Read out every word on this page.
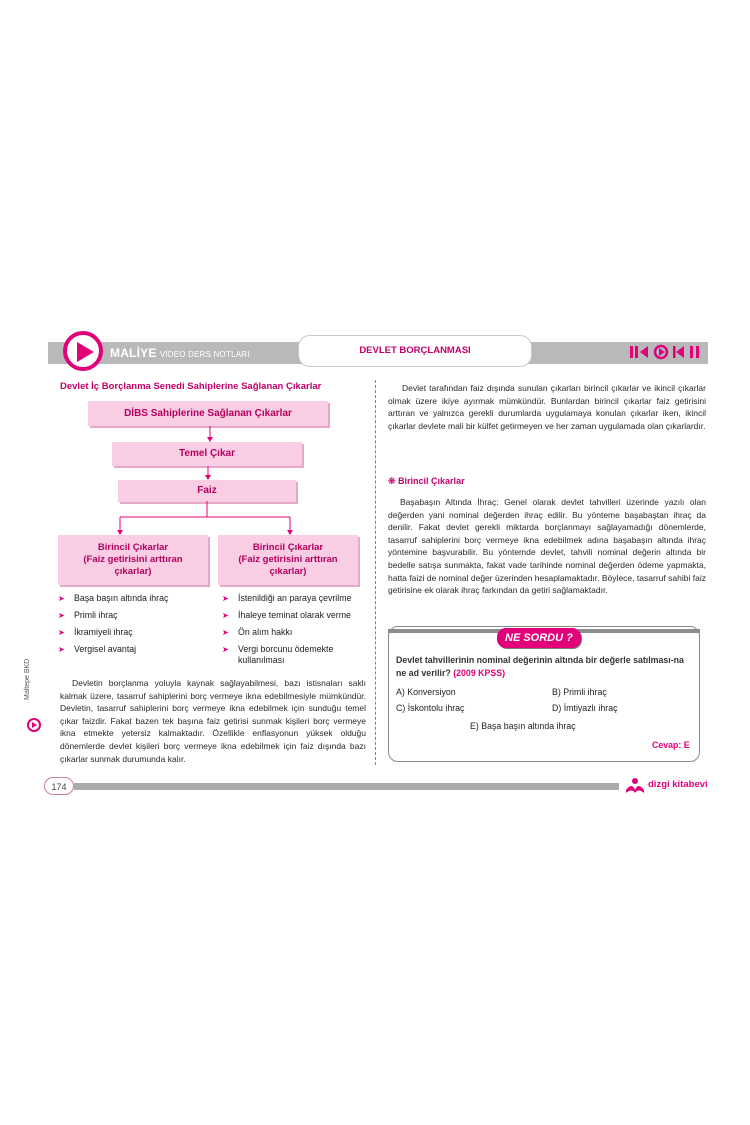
MALİYE VİDEO DERS NOTLARI	DEVLET BORÇLANMASI
Devlet İç Borçlanma Senedi Sahiplerine Sağlanan Çıkarlar
DİBS Sahiplerine Sağlanan Çıkarlar
Temel Çıkar
Faiz
Birincil Çıkarlar
(Faiz getirisini arttıran
çıkarlar)
Birincil Çıkarlar
(Faiz getirisini arttıran
çıkarlar)
➤ Başa başın altında ihraç
➤ Primli ihraç
➤ İkramiyeli ihraç
➤ Vergisel avantaj
➤ İstenildiği an paraya çevrilme
➤ İhaleye teminat olarak verme
➤ Ön alım hakkı
➤ Vergi borcunu ödemekte kullanılması
Devletin borçlanma yoluyla kaynak sağlayabilmesi, bazı istisnaları saklı kalmak üzere, tasarruf sahiplerini borç vermeye ikna edebilmesiyle mümkündür. Devletin, tasarruf sahiplerini borç vermeye ikna edebilmek için sunduğu temel çıkar faizdir. Fakat bazen tek başına faiz getirisi sunmak kişileri borç vermeye ikna etmekte yetersiz kalmaktadır. Özellikle enflasyonun yüksek olduğu dönemlerde devlet kişileri borç vermeye ikna edebilmek için faiz dışında bazı çıkarlar sunmak durumunda kalır.
Maltepe BKD
Devlet tarafından faiz dışında sunulan çıkarları birincil çıkarlar ve ikincil çıkarlar olmak üzere ikiye ayırmak mümkündür. Bunlardan birincil çıkarlar faiz getirisini arttıran ve yalnızca gerekli durumlarda uygulamaya konulan çıkarlar iken, ikincil çıkarlar devlete mali bir külfet getirmeyen ve her zaman uygulamada olan çıkarlardır.
❊ Birincil Çıkarlar
Başabaşın Altında İhraç: Genel olarak devlet tahvilleri üzerinde yazılı olan değerden yani nominal değerden ihraç edilir. Bu yönteme başabaştan ihraç da denilir. Fakat devlet gerekli miktarda borçlanmayı sağlayamadığı dönemlerde, tasarruf sahiplerini borç vermeye ikna edebilmek adına başabaşın altında ihraç yöntemine başvurabilir. Bu yöntemde devlet, tahvili nominal değerin altında bir bedelle satışa sunmakta, fakat vade tarihinde nominal değerden ödeme yapmakta, hatta faizi de nominal değer üzerinden hesaplamaktadır. Böylece, tasarruf sahibi faiz getirisine ek olarak ihraç farkından da getiri sağlamaktadır.
NE SORDU ?
Devlet tahvillerinin nominal değerinin altında bir değerle satılması-na ne ad verilir? (2009 KPSS)
A) Konversiyon	B) Primli ihraç
C) İskontolu ihraç	D) İmtiyazlı ihraç
E) Başa başın altında ihraç
Cevap: E
174	dizgi kitabevi
